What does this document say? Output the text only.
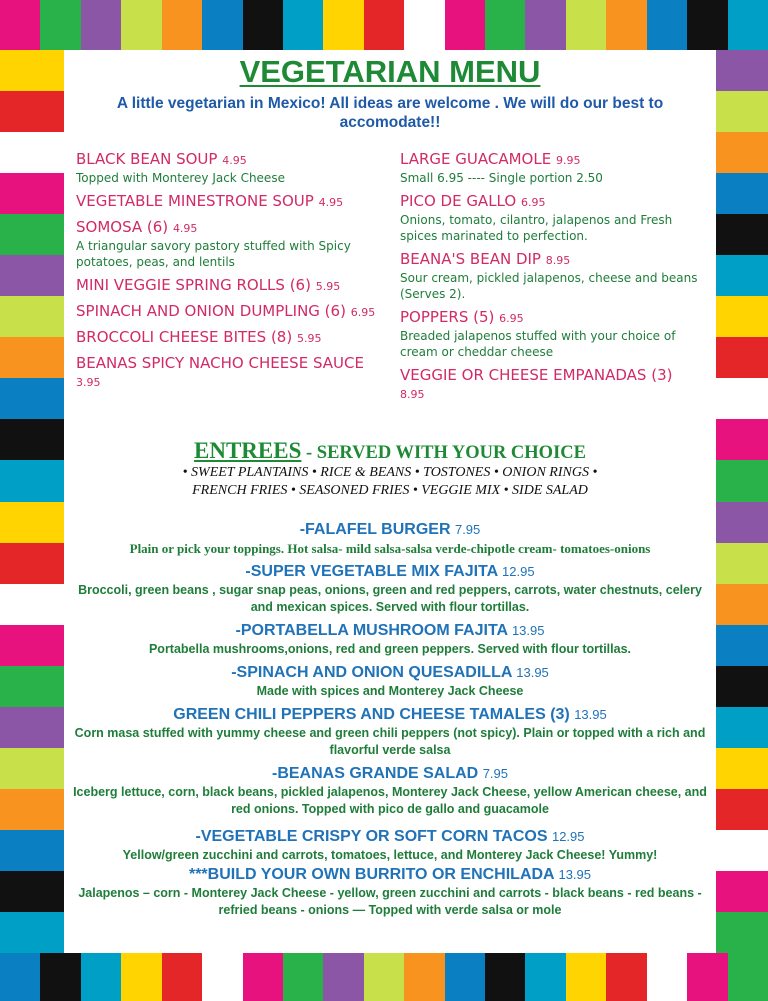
VEGETARIAN MENU
A little vegetarian in Mexico! All ideas are welcome . We will do our best to accomodate!!
BLACK BEAN SOUP 4.95
Topped with Monterey Jack Cheese
VEGETABLE MINESTRONE SOUP 4.95
SOMOSA (6) 4.95
A triangular savory pastory stuffed with Spicy potatoes, peas, and lentils
MINI VEGGIE SPRING ROLLS (6) 5.95
SPINACH AND ONION DUMPLING (6) 6.95
BROCCOLI CHEESE BITES (8) 5.95
BEANAS SPICY NACHO CHEESE SAUCE 3.95
LARGE GUACAMOLE 9.95
Small 6.95 ---- Single portion 2.50
PICO DE GALLO 6.95
Onions, tomato, cilantro, jalapenos and Fresh spices marinated to perfection.
BEANA'S BEAN DIP 8.95
Sour cream, pickled jalapenos, cheese and beans (Serves 2).
POPPERS (5) 6.95
Breaded jalapenos stuffed with your choice of cream or cheddar cheese
VEGGIE OR CHEESE EMPANADAS (3) 8.95
ENTREES - SERVED WITH YOUR CHOICE
• SWEET PLANTAINS • RICE & BEANS • TOSTONES • ONION RINGS •
FRENCH FRIES • SEASONED FRIES • VEGGIE MIX • SIDE SALAD
-FALAFEL BURGER 7.95
Plain or pick your toppings. Hot salsa- mild salsa-salsa verde-chipotle cream- tomatoes-onions
-SUPER VEGETABLE MIX FAJITA 12.95
Broccoli, green beans , sugar snap peas, onions, green and red peppers, carrots, water chestnuts, celery and mexican spices. Served with flour tortillas.
-PORTABELLA MUSHROOM FAJITA 13.95
Portabella mushrooms,onions, red and green peppers. Served with flour tortillas.
-SPINACH AND ONION QUESADILLA 13.95
Made with spices and Monterey Jack Cheese
GREEN CHILI PEPPERS AND CHEESE TAMALES (3) 13.95
Corn masa stuffed with yummy cheese and green chili peppers (not spicy). Plain or topped with a rich and flavorful verde salsa
-BEANAS GRANDE SALAD 7.95
Iceberg lettuce, corn, black beans, pickled jalapenos, Monterey Jack Cheese, yellow American cheese, and red onions. Topped with pico de gallo and guacamole
-VEGETABLE CRISPY OR SOFT CORN TACOS 12.95
Yellow/green zucchini and carrots, tomatoes, lettuce, and Monterey Jack Cheese! Yummy!
***BUILD YOUR OWN BURRITO OR ENCHILADA 13.95
Jalapenos – corn - Monterey Jack Cheese - yellow, green zucchini and carrots - black beans - red beans - refried beans - onions — Topped with verde salsa or mole
